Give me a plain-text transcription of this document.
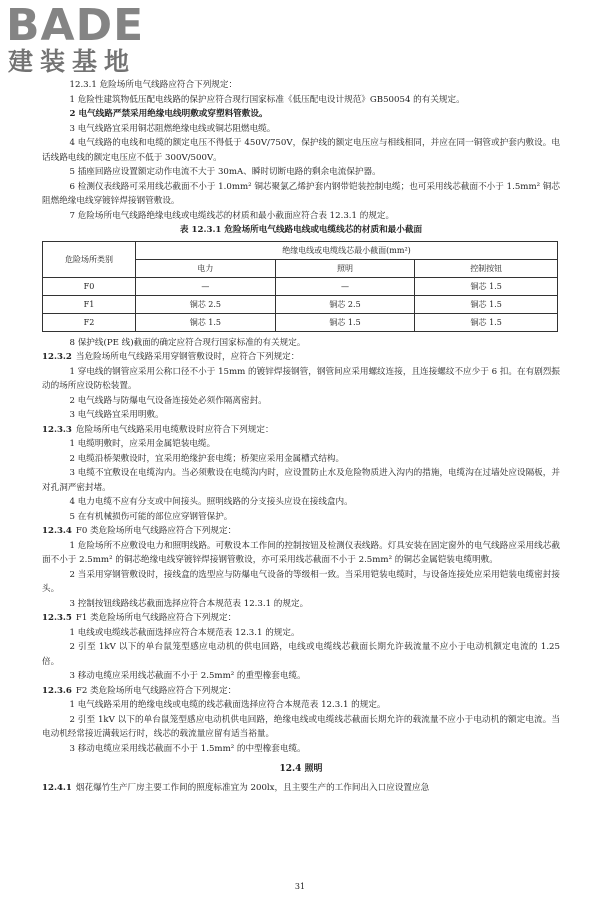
BADE
建装基地

12.3.1 危险场所电气线路应符合下列规定：

1 危险性建筑物低压配电线路的保护应符合现行国家标准《低压配电设计规范》GB50054 的有关规定。

2 电气线路严禁采用绝缘电线明敷或穿塑料管敷设。

3 电气线路宜采用铜芯阻燃绝缘电线或铜芯阻燃电缆。

4 电气线路的电线和电缆的额定电压不得低于 450V/750V，保护线的额定电压应与相线相同，并应在同一铜管或护套内敷设。电话线路电线的额定电压应不低于 300V/500V。

5 插座回路应设置额定动作电流不大于 30mA、瞬时切断电路的剩余电流保护器。

6 检测仪表线路可采用线芯截面不小于 1.0mm² 铜芯聚氯乙烯护套内钢带铠装控制电缆；也可采用线芯截面不小于 1.5mm² 铜芯阻燃绝缘电线穿镀锌焊接钢管敷设。

7 危险场所电气线路绝缘电线或电缆线芯的材质和最小截面应符合表 12.3.1 的规定。

表 12.3.1 危险场所电气线路电线或电缆线芯的材质和最小截面

危险场所类别	绝缘电线或电缆线芯最小截面(mm²)		
	电力	照明	控制按钮
F0	—	—	铜芯 1.5
F1	铜芯 2.5	铜芯 2.5	铜芯 1.5
F2	铜芯 1.5	铜芯 1.5	铜芯 1.5

8 保护线(PE 线)截面的确定应符合现行国家标准的有关规定。

12.3.2 当危险场所电气线路采用穿钢管敷设时，应符合下列规定：

1 穿电线的钢管应采用公称口径不小于 15mm 的镀锌焊接钢管，钢管间应采用螺纹连接，且连接螺纹不应少于 6 扣。在有剧烈振动的场所应设防松装置。

2 电气线路与防爆电气设备连接处必须作隔离密封。

3 电气线路宜采用明敷。

12.3.3 危险场所电气线路采用电缆敷设时应符合下列规定：

1 电缆明敷时，应采用金属铠装电缆。

2 电缆沿桥架敷设时，宜采用绝缘护套电缆；桥架应采用金属槽式结构。

3 电缆不宜敷设在电缆沟内。当必须敷设在电缆沟内时，应设置防止水及危险物质进入沟内的措施，电缆沟在过墙处应设隔板，并对孔洞严密封堵。

4 电力电缆不应有分支或中间接头。照明线路的分支接头应设在接线盒内。

5 在有机械损伤可能的部位应穿钢管保护。

12.3.4 F0 类危险场所电气线路应符合下列规定：

1 危险场所不应敷设电力和照明线路。可敷设本工作间的控制按钮及检测仪表线路。灯具安装在固定窗外的电气线路应采用线芯截面不小于 2.5mm² 的铜芯绝缘电线穿镀锌焊接钢管敷设，亦可采用线芯截面不小于 2.5mm² 的铜芯金属铠装电缆明敷。

2 当采用穿钢管敷设时，接线盒的选型应与防爆电气设备的等级相一致。当采用铠装电缆时，与设备连接处应采用铠装电缆密封接头。

3 控制按钮线路线芯截面选择应符合本规范表 12.3.1 的规定。

12.3.5 F1 类危险场所电气线路应符合下列规定：

1 电线或电缆线芯截面选择应符合本规范表 12.3.1 的规定。

2 引至 1kV 以下的单台鼠笼型感应电动机的供电回路，电线或电缆线芯截面长期允许载流量不应小于电动机额定电流的 1.25 倍。

3 移动电缆应采用线芯截面不小于 2.5mm² 的重型橡套电缆。

12.3.6 F2 类危险场所电气线路应符合下列规定：

1 电气线路采用的绝缘电线或电缆的线芯截面选择应符合本规范表 12.3.1 的规定。

2 引至 1kV 以下的单台鼠笼型感应电动机供电回路，绝缘电线或电缆线芯截面长期允许的载流量不应小于电动机的额定电流。当电动机经常接近满载运行时，线芯的载流量应留有适当裕量。

3 移动电缆应采用线芯截面不小于 1.5mm² 的中型橡套电缆。

12.4 照明

12.4.1 烟花爆竹生产厂房主要工作间的照度标准宜为 200lx，且主要生产的工作间出入口应设置应急

31
